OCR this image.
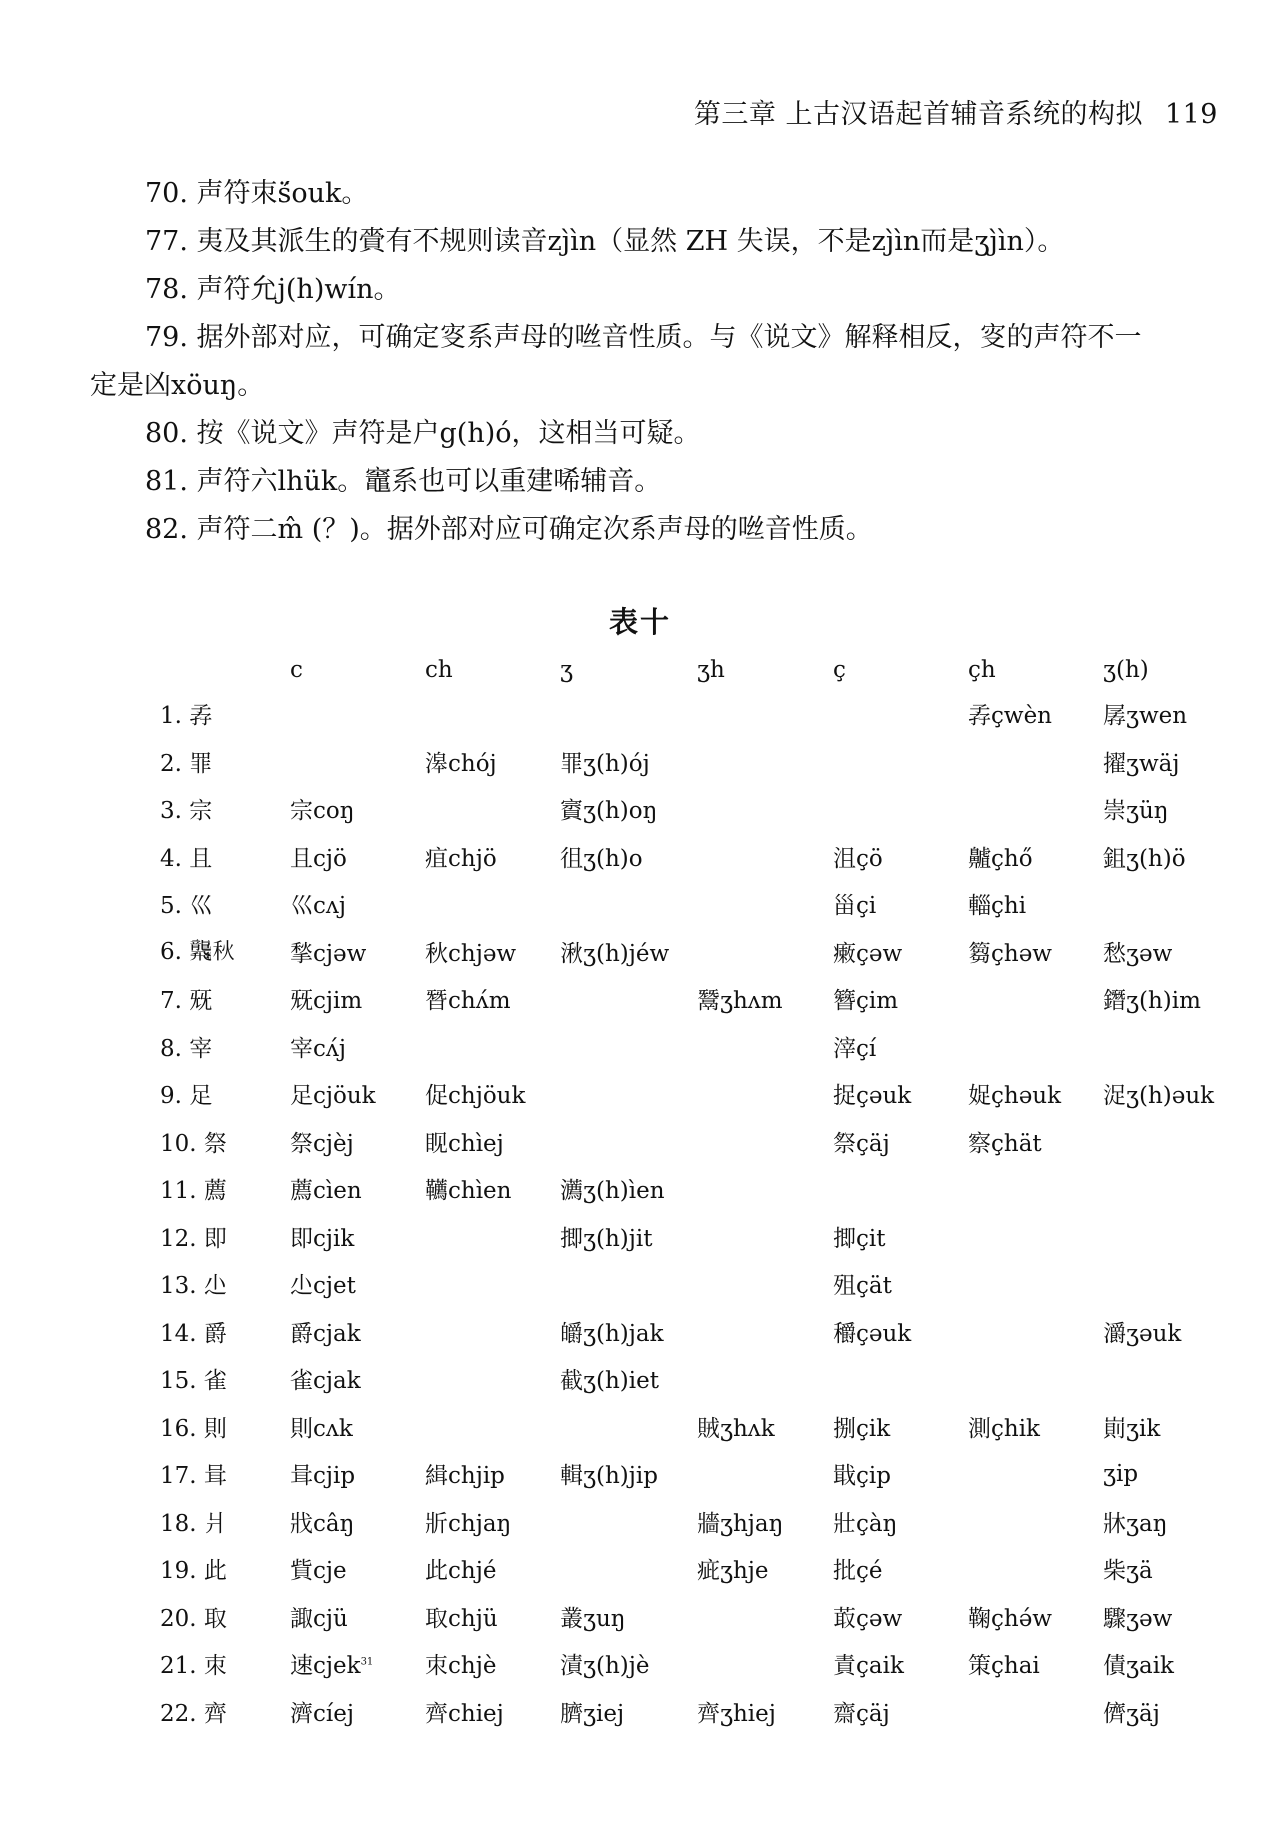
第三章 上古汉语起首辅音系统的构拟 119
70. 声符朿ś̈ouk。
77. 夷及其派生的賫有不规则读音zj̀ìn（显然 ZH 失误，不是zj̀ìn而是ʒj̀ìn）。
78. 声符允j(h)wín。
79. 据外部对应，可确定叜系声母的咝音性质。与《说文》解释相反，叜的声符不一
定是凶xöuŋ。
80. 按《说文》声符是户g(h)ó，这相当可疑。
81. 声符六lhük。竈系也可以重建唏辅音。
82. 声符二m̂ (？)。据外部对应可确定次系声母的咝音性质。
表十
	c	ch	ʒ	ʒh	ç	çh	ʒ(h)
1. 孨						孨çwèn	孱ʒwen
2. 罪		滜chój	罪ʒ(h)ój				擢ʒwäj
3. 宗	宗coŋ		賨ʒ(h)oŋ				崇ʒüŋ
4. 且	且cjö	疽chjö	徂ʒ(h)o		沮çö	齇çhő	鉏ʒ(h)ö
5. 巛	巛cʌj				甾çi	輜çhi	
6. 𪚢秋	揫cjəw	秋chjəw	湫ʒ(h)jéw		瘷çəw	篘çhəw	愁ʒəw
7. 兓	兓cjim	朁chʌ́m		鬵ʒhʌm	簪çim		鐕ʒ(h)im
8. 宰	宰cʌ́j				滓çí		
9. 足	足cjöuk	促chjöuk			捉çəuk	娖çhəuk	浞ʒ(h)əuk
10. 祭	祭cjèj	𪾢chìej			祭çäj	察çhät	
11. 薦	薦cìen	韉chìen	瀳ʒ(h)ìen				
12. 即	即cjik		揤ʒ(h)jit		揤çit		
13. 尐	尐cjet				殂çät		
14. 爵	爵cjak		皭ʒ(h)jak		穱çəuk		灂ʒəuk
15. 雀	雀cjak		截ʒ(h)iet				
16. 則	則cʌk			賊ʒhʌk	捌çik	測çhik	崱ʒik
17. 咠	咠cjip	緝chjip	輯ʒ(h)jip		戢çip		ʒip
18. 爿	戕câŋ	斨chjaŋ		牆ʒhjaŋ	壯çàŋ		牀ʒaŋ
19. 此	貲cje	此chjé		疵ʒhje	批çé		柴ʒä
20. 取	諏cjü	取chjü	叢ʒuŋ		菆çəw	鞠çhə́w	驟ʒəw
21. 朿	速cjek$^{31}$	朿chjè	漬ʒ(h)jè		責çaik	策çhai	債ʒaik
22. 齊	濟cíej	齊chiej	臍ʒiej	齊ʒhiej	齋çäj		儕ʒäj
